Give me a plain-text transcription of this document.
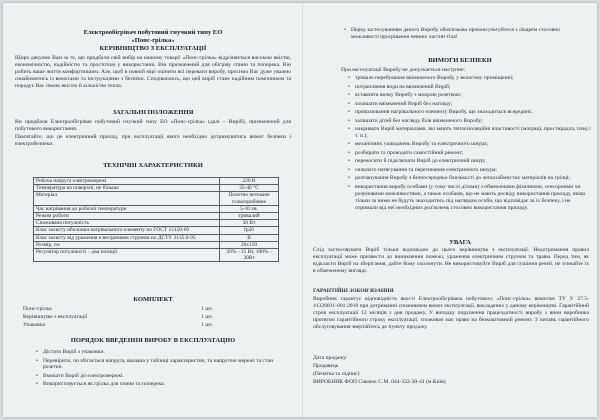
Електрообігрівач побутовий гнучкий типу ЕО
«Понс-грілка»
КЕРІВНИЦТВО З ЕКСПЛУАТАЦІЇ
Щиро дякуємо Вам за те, що придбали свій вибір на нашому товарі! «Понс-грілка» відрізняється високою якістю, економічністю, надійністю та простотою у використанні. Він призначений для обігріву спини та поперека. Він робить ваше життя комфортнішим. Але, щоб в повній мірі оцінити всі переваги виробу, просимо Вас дуже уважно ознайомитись із вимогами та інструкціями з безпеки. Сподіваємось, що цей виріб стане надійним помічником та порадує Вас своєю якістю й кількістю тепла.
ЗАГАЛЬНІ ПОЛОЖЕННЯ
Ви придбали Електрообігрівач побутовий гнучкий типу ЕО «Понс-грілка» (далі – Виріб), призначений для побутового використання.
Пам'ятайте, що це електричний прилад, при експлуатації якого необхідно дотримуватись вимог безпеки і електробезпеки.
ТЕХНІЧНІ ХАРАКТЕРИСТИКИ
Робоча напруга електромережі	220 В
Температура на поверхні, не більше	35-40 °С
Матеріал	Полотно нетекане голкопробивне
Час нагрівання до робочої температури	5-10 хв.
Режим роботи	тривалий
Споживана потужність	30 Вт
Клас захисту оболонки нагрівального елементу по ГОСТ 15150-69	Ip20
Клас захисту від ураження електричним струмом по ДСТУ 3135.0-95	II
Розмір, см	20х150
Регулятор потужності – два позиції	50% - 15 Вт, 100% - 30Вт
КОМПЛЕКТ
Понс-грілка	1 шт.
Керівництво з експлуатації	1 шт.
Упаковка	1 шт.
ПОРЯДОК ВВЕДЕННЯ ВИРОБУ В ЕКСПЛУАТАЦІЮ
• Дістати Виріб з упаковки.
• Перевірити, чи збігається напруга, вказана у таблиці характеристик, та напругою мережі та стан розетки.
• Вмикати Виріб до електромережі.
• Використовується як грілка для спини та поперека.
• Перед застосуванням даного Виробу обов'язково проконсультуйтеся з лікарем стосовно можливості прогрівання певних частин тіла!
ВИМОГИ БЕЗПЕКИ
При експлуатації Виробу не допускається наступне:
• тривале перебування ввімкненого Виробу у вологому приміщенні;
• потрапляння води на ввімкнений Виріб;
• вставляти вилку Виробу з мокрою розеткою;
• залишати ввімкнений Виріб без нагляду;
• проколювання нагрівального елементу Виробу, що знаходиться всередині;
• залишати дітей без нагляду біля ввімкненого Виробу;
• накривати Виріб матеріалами, які мають теплоізоляційні властивості (матраці, простирадла, плед і т. п.);
• механічних ушкоджень Виробу та електричного шнура;
• розбирати та проводити самостійний ремонт;
• перекосити й підключати Виріб до електричний шнур;
• сильного натягування та перегинання електричного шнура;
• розташування Виробу з безпосередньо близькості до легкозаймистих матеріалів на грілці;
• використання виробу особами (у тому числі дітьми) з обмеженими фізичними, сенсорними чи розумовими можливостями, а також особами, що не мають досвіду використання приладу, якщо тільки за ними не будуть знаходитись під наглядом особи, що відповідає за їх безпеку, і не отримали від неї необхідних роз'яснень стосовно використання приладу.
УВАГА
Слід застосовувати Виріб тільки відповідно до цього керівництва з експлуатації. Недотримання правил експлуатації може призвести до виникнення пожежі, ураження електричним струмом та травм. Перед тим, як відкласти Виріб на зберігання, дайте йому охолонути. Не використовуйте Виріб для сушіння речей, не згинайте їх в обмеженому вигляді.
ГАРАНТІЙНІ ЗОБОВ'ЯЗАННЯ
Виробник гарантує відповідність якості Електрообігрівача побутового «Понс-грілка» вимогам ТУ У 27.5-41326811-001:2018 при дотриманні споживачем вимог експлуатації, викладених у даному керівництві. Гарантійний строк експлуатації 12 місяців з дня продажу. У випадку порушення працездатності виробу з вини виробника протягом гарантійного строку експлуатації, споживач має право на безкоштовний ремонт. З питань гарантійного обслуговування звертайтесь до пункту продажу.
Дата продажу:
Продавець
(Печатка та підпис)
ВИРОБНИК ФОП Сівачок С.М. 044-332-30-41 (м.Київ)
